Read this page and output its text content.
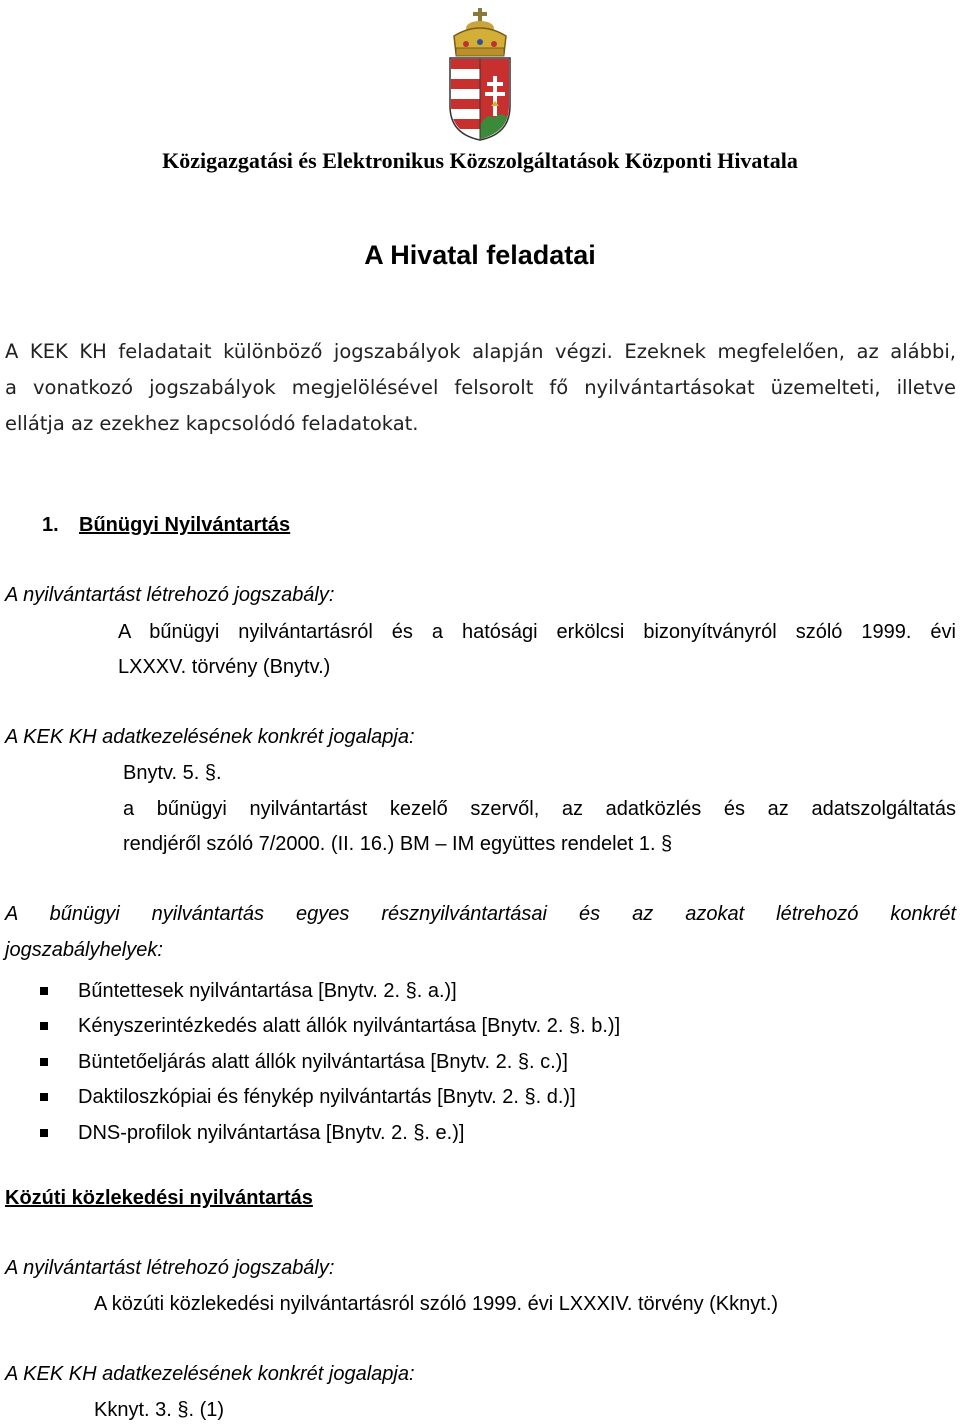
Közigazgatási és Elektronikus Közszolgáltatások Központi Hivatala
A Hivatal feladatai
A KEK KH feladatait különböző jogszabályok alapján végzi. Ezeknek megfelelően, az alábbi,
a vonatkozó jogszabályok megjelölésével felsorolt fő nyilvántartásokat üzemelteti, illetve
ellátja az ezekhez kapcsolódó feladatokat.
1. Bűnügyi Nyilvántartás
A nyilvántartást létrehozó jogszabály:
A bűnügyi nyilvántartásról és a hatósági erkölcsi bizonyítványról szóló 1999. évi
LXXXV. törvény (Bnytv.)
A KEK KH adatkezelésének konkrét jogalapja:
Bnytv. 5. §.
a bűnügyi nyilvántartást kezelő szervől, az adatközlés és az adatszolgáltatás
rendjéről szóló 7/2000. (II. 16.) BM – IM együttes rendelet 1. §
A bűnügyi nyilvántartás egyes résznyilvántartásai és az azokat létrehozó konkrét
jogszabályhelyek:
Bűntettesek nyilvántartása [Bnytv. 2. §. a.)]
Kényszerintézkedés alatt állók nyilvántartása [Bnytv. 2. §. b.)]
Büntetőeljárás alatt állók nyilvántartása [Bnytv. 2. §. c.)]
Daktiloszkópiai és fénykép nyilvántartás [Bnytv. 2. §. d.)]
DNS-profilok nyilvántartása [Bnytv. 2. §. e.)]
Közúti közlekedési nyilvántartás
A nyilvántartást létrehozó jogszabály:
A közúti közlekedési nyilvántartásról szóló 1999. évi LXXXIV. törvény (Kknyt.)
A KEK KH adatkezelésének konkrét jogalapja:
Kknyt. 3. §. (1)
